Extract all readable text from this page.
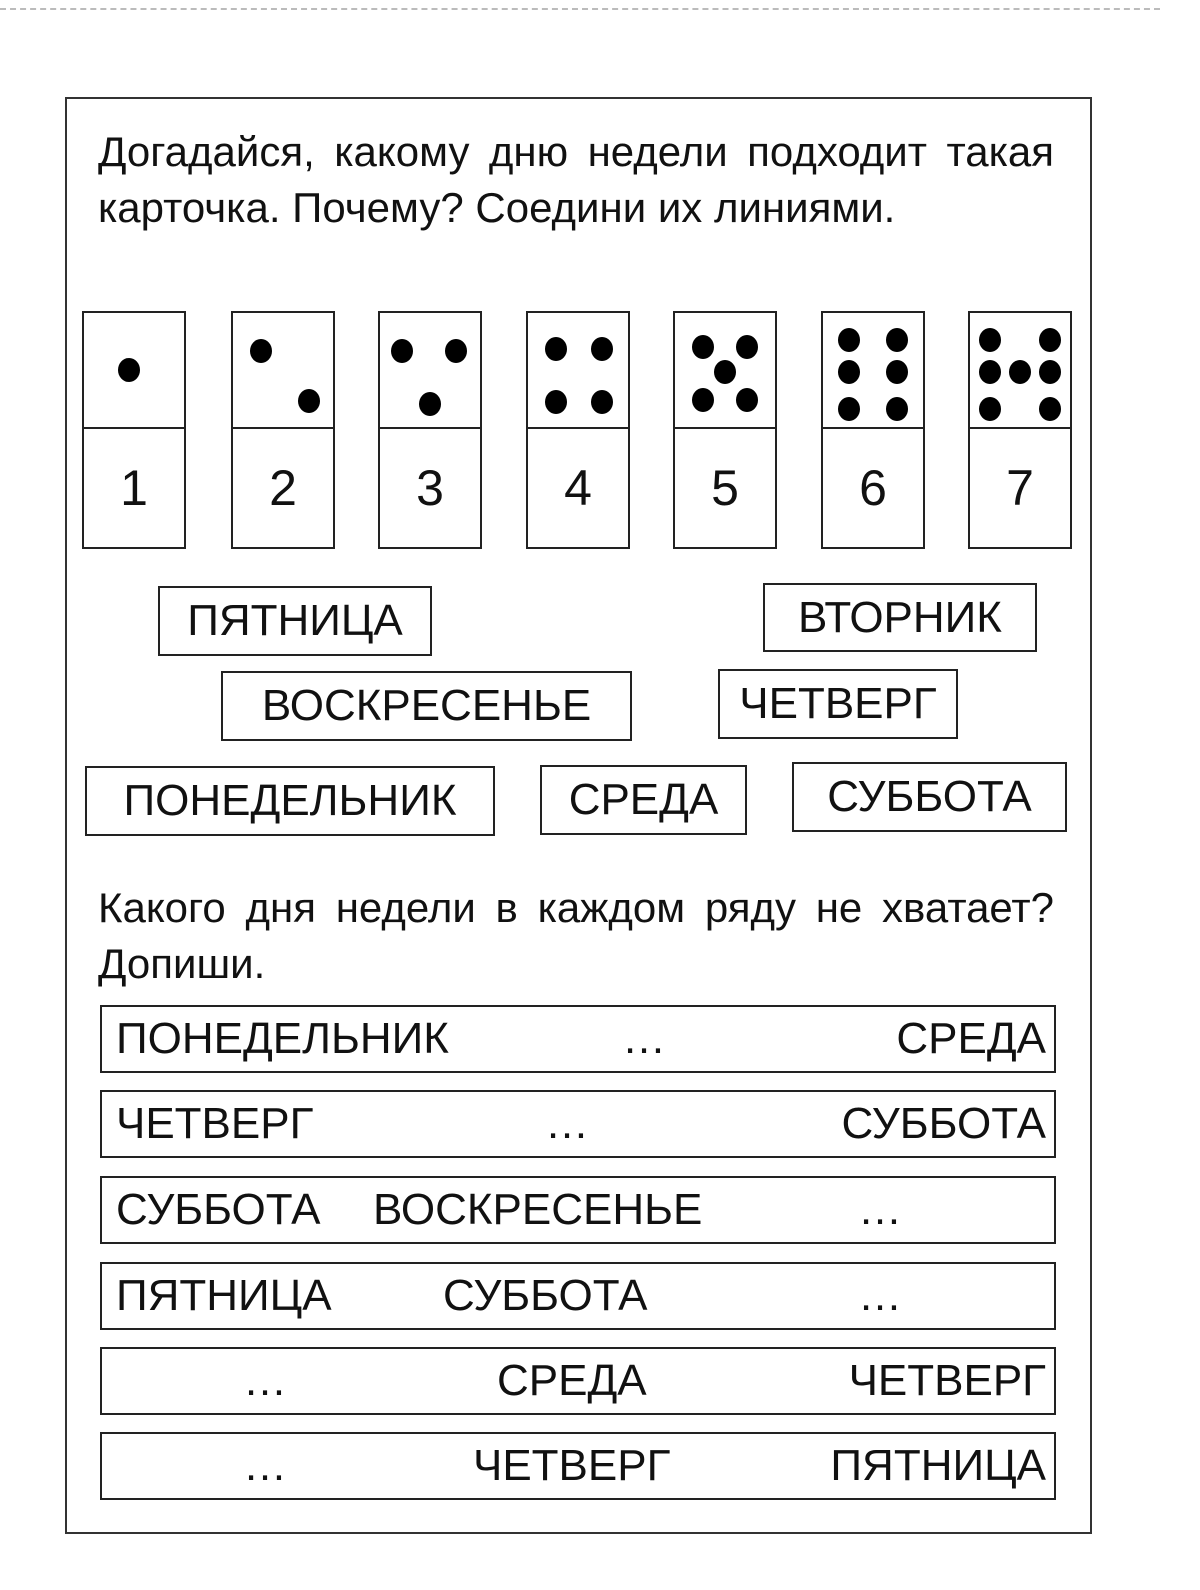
Догадайся, какому дню недели подходит такая карточка. Почему? Соедини их линиями.
1	2	3	4	5	6	7
ПЯТНИЦА	ВТОРНИК
ВОСКРЕСЕНЬЕ	ЧЕТВЕРГ
ПОНЕДЕЛЬНИК	СРЕДА	СУББОТА
Какого дня недели в каждом ряду не хватает? Допиши.
ПОНЕДЕЛЬНИК	…	СРЕДА
ЧЕТВЕРГ	…	СУББОТА
СУББОТА ВОСКРЕСЕНЬЕ	…
ПЯТНИЦА	СУББОТА	…
…	СРЕДА	ЧЕТВЕРГ
…	ЧЕТВЕРГ	ПЯТНИЦА
